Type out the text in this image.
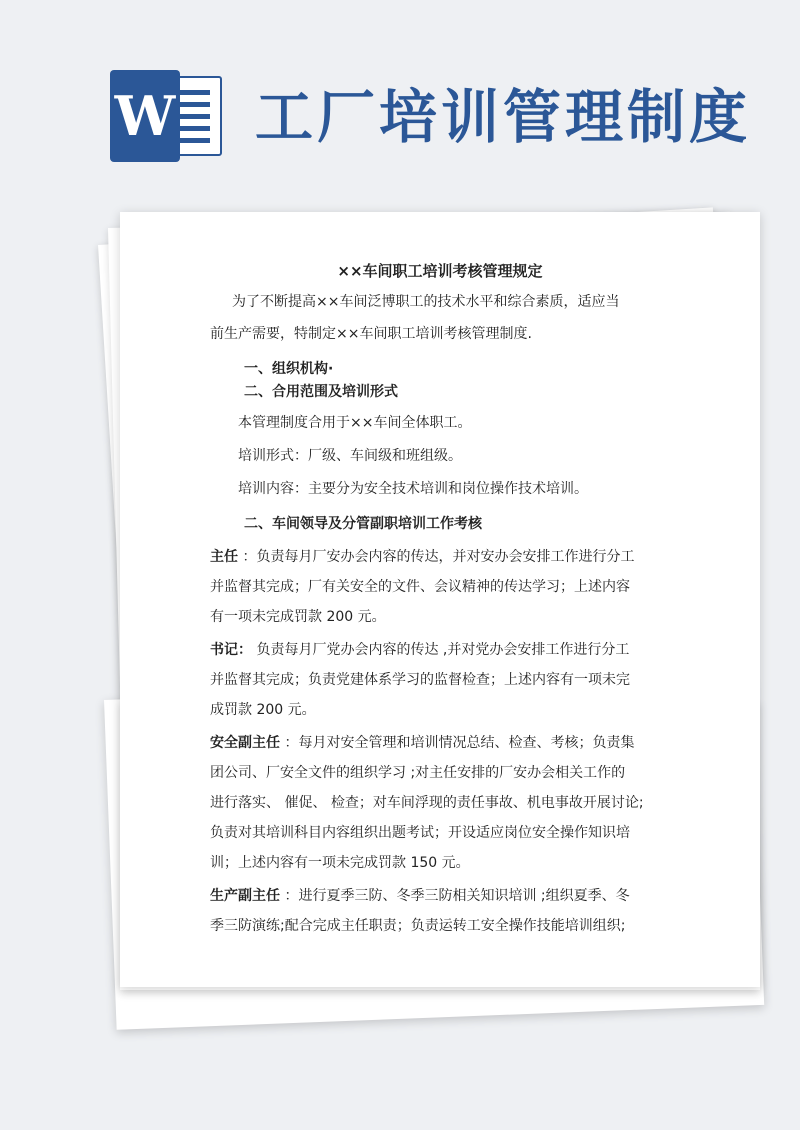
W 工厂培训管理制度

××车间职工培训考核管理规定

为了不断提高××车间泛博职工的技术水平和综合素质，适应当

前生产需要，特制定××车间职工培训考核管理制度.

一、组织机构·

二、合用范围及培训形式

本管理制度合用于××车间全体职工。

培训形式：厂级、车间级和班组级。

培训内容：主要分为安全技术培训和岗位操作技术培训。

二、车间领导及分管副职培训工作考核

主任 ：负责每月厂安办会内容的传达，并对安办会安排工作进行分工

并监督其完成；厂有关安全的文件、会议精神的传达学习；上述内容

有一项未完成罚款 200 元。

书记： 负责每月厂党办会内容的传达 ,并对党办会安排工作进行分工

并监督其完成；负责党建体系学习的监督检查；上述内容有一项未完

成罚款 200 元。

安全副主任 ：每月对安全管理和培训情况总结、检查、考核；负责集

团公司、厂安全文件的组织学习 ;对主任安排的厂安办会相关工作的

进行落实、 催促、 检查；对车间浮现的责任事故、机电事故开展讨论;

负责对其培训科目内容组织出题考试；开设适应岗位安全操作知识培

训；上述内容有一项未完成罚款 150 元。

生产副主任 ：进行夏季三防、冬季三防相关知识培训 ;组织夏季、冬

季三防演练;配合完成主任职责；负责运转工安全操作技能培训组织;
